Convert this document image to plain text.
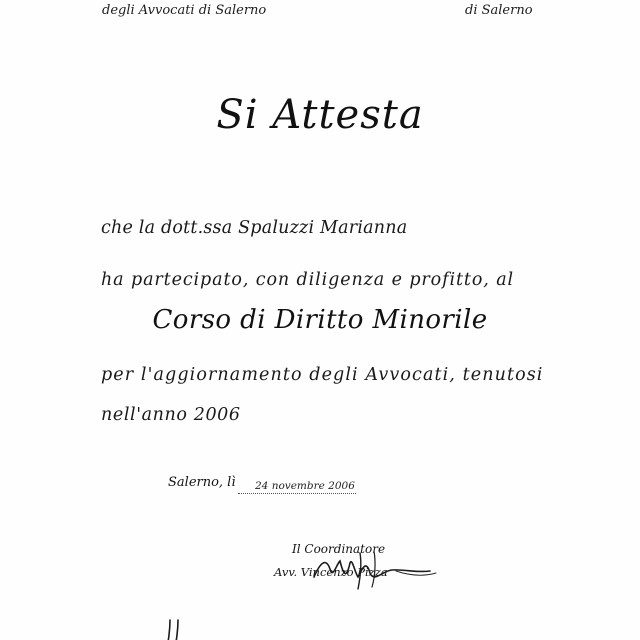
degli Avvocati di Salerno	di Salerno
Si Attesta
che la dott.ssa Spaluzzi Marianna
ha partecipato, con diligenza e profitto, al
Corso di Diritto Minorile
per l'aggiornamento degli Avvocati, tenutosi
nell'anno 2006
Salerno, lì 24 novembre 2006
Il Coordinatore
Avv. Vincenzo Pizza
